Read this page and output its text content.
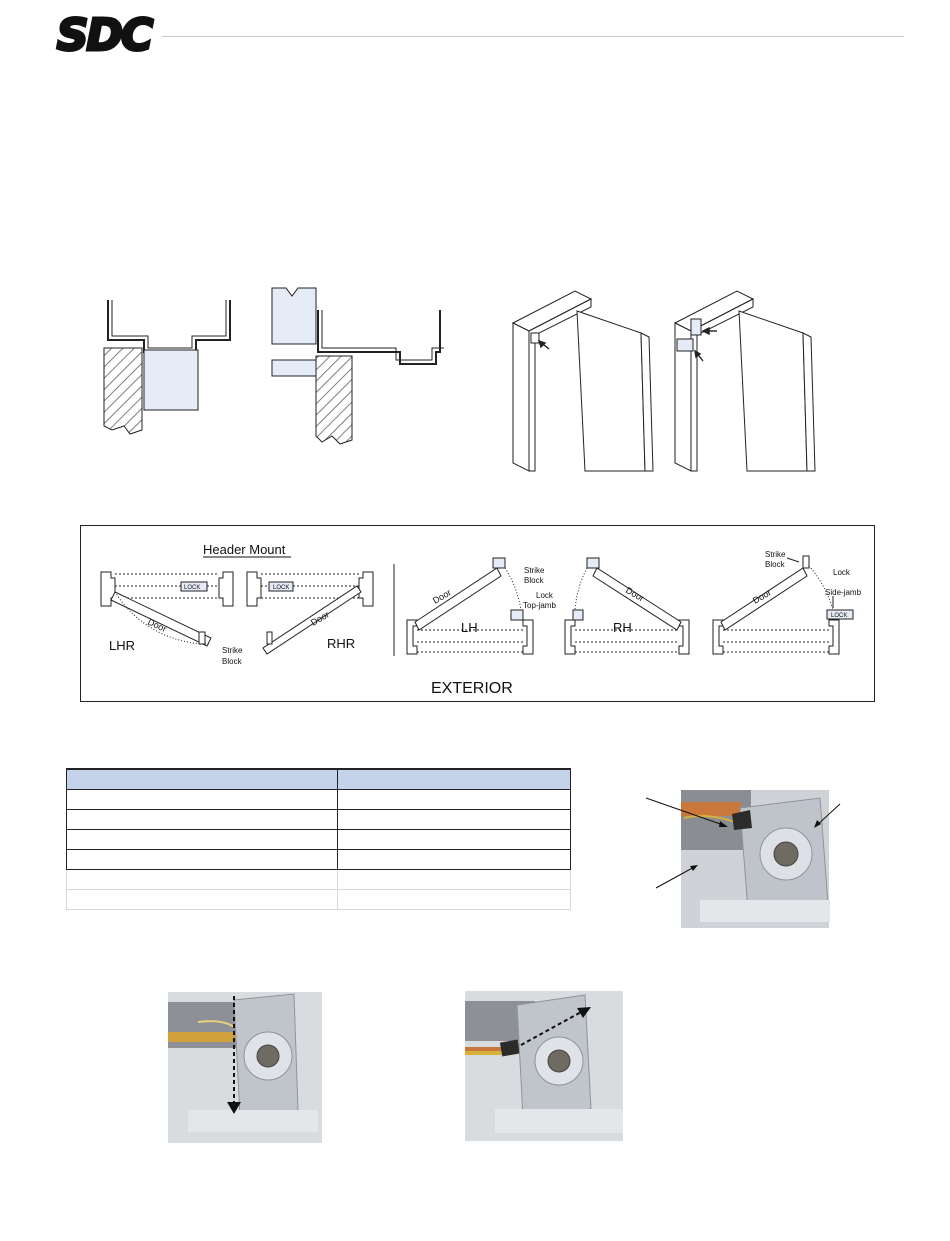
SDC
Header Mount
LOCK
Door
LHR	Strike
Block
LOCK
Door
RHR
Door
LH
Strike
Block
Lock
Top-jamb
Door
RH
Door
Strike
Block
Lock
Side-jamb
LOCK
EXTERIOR
